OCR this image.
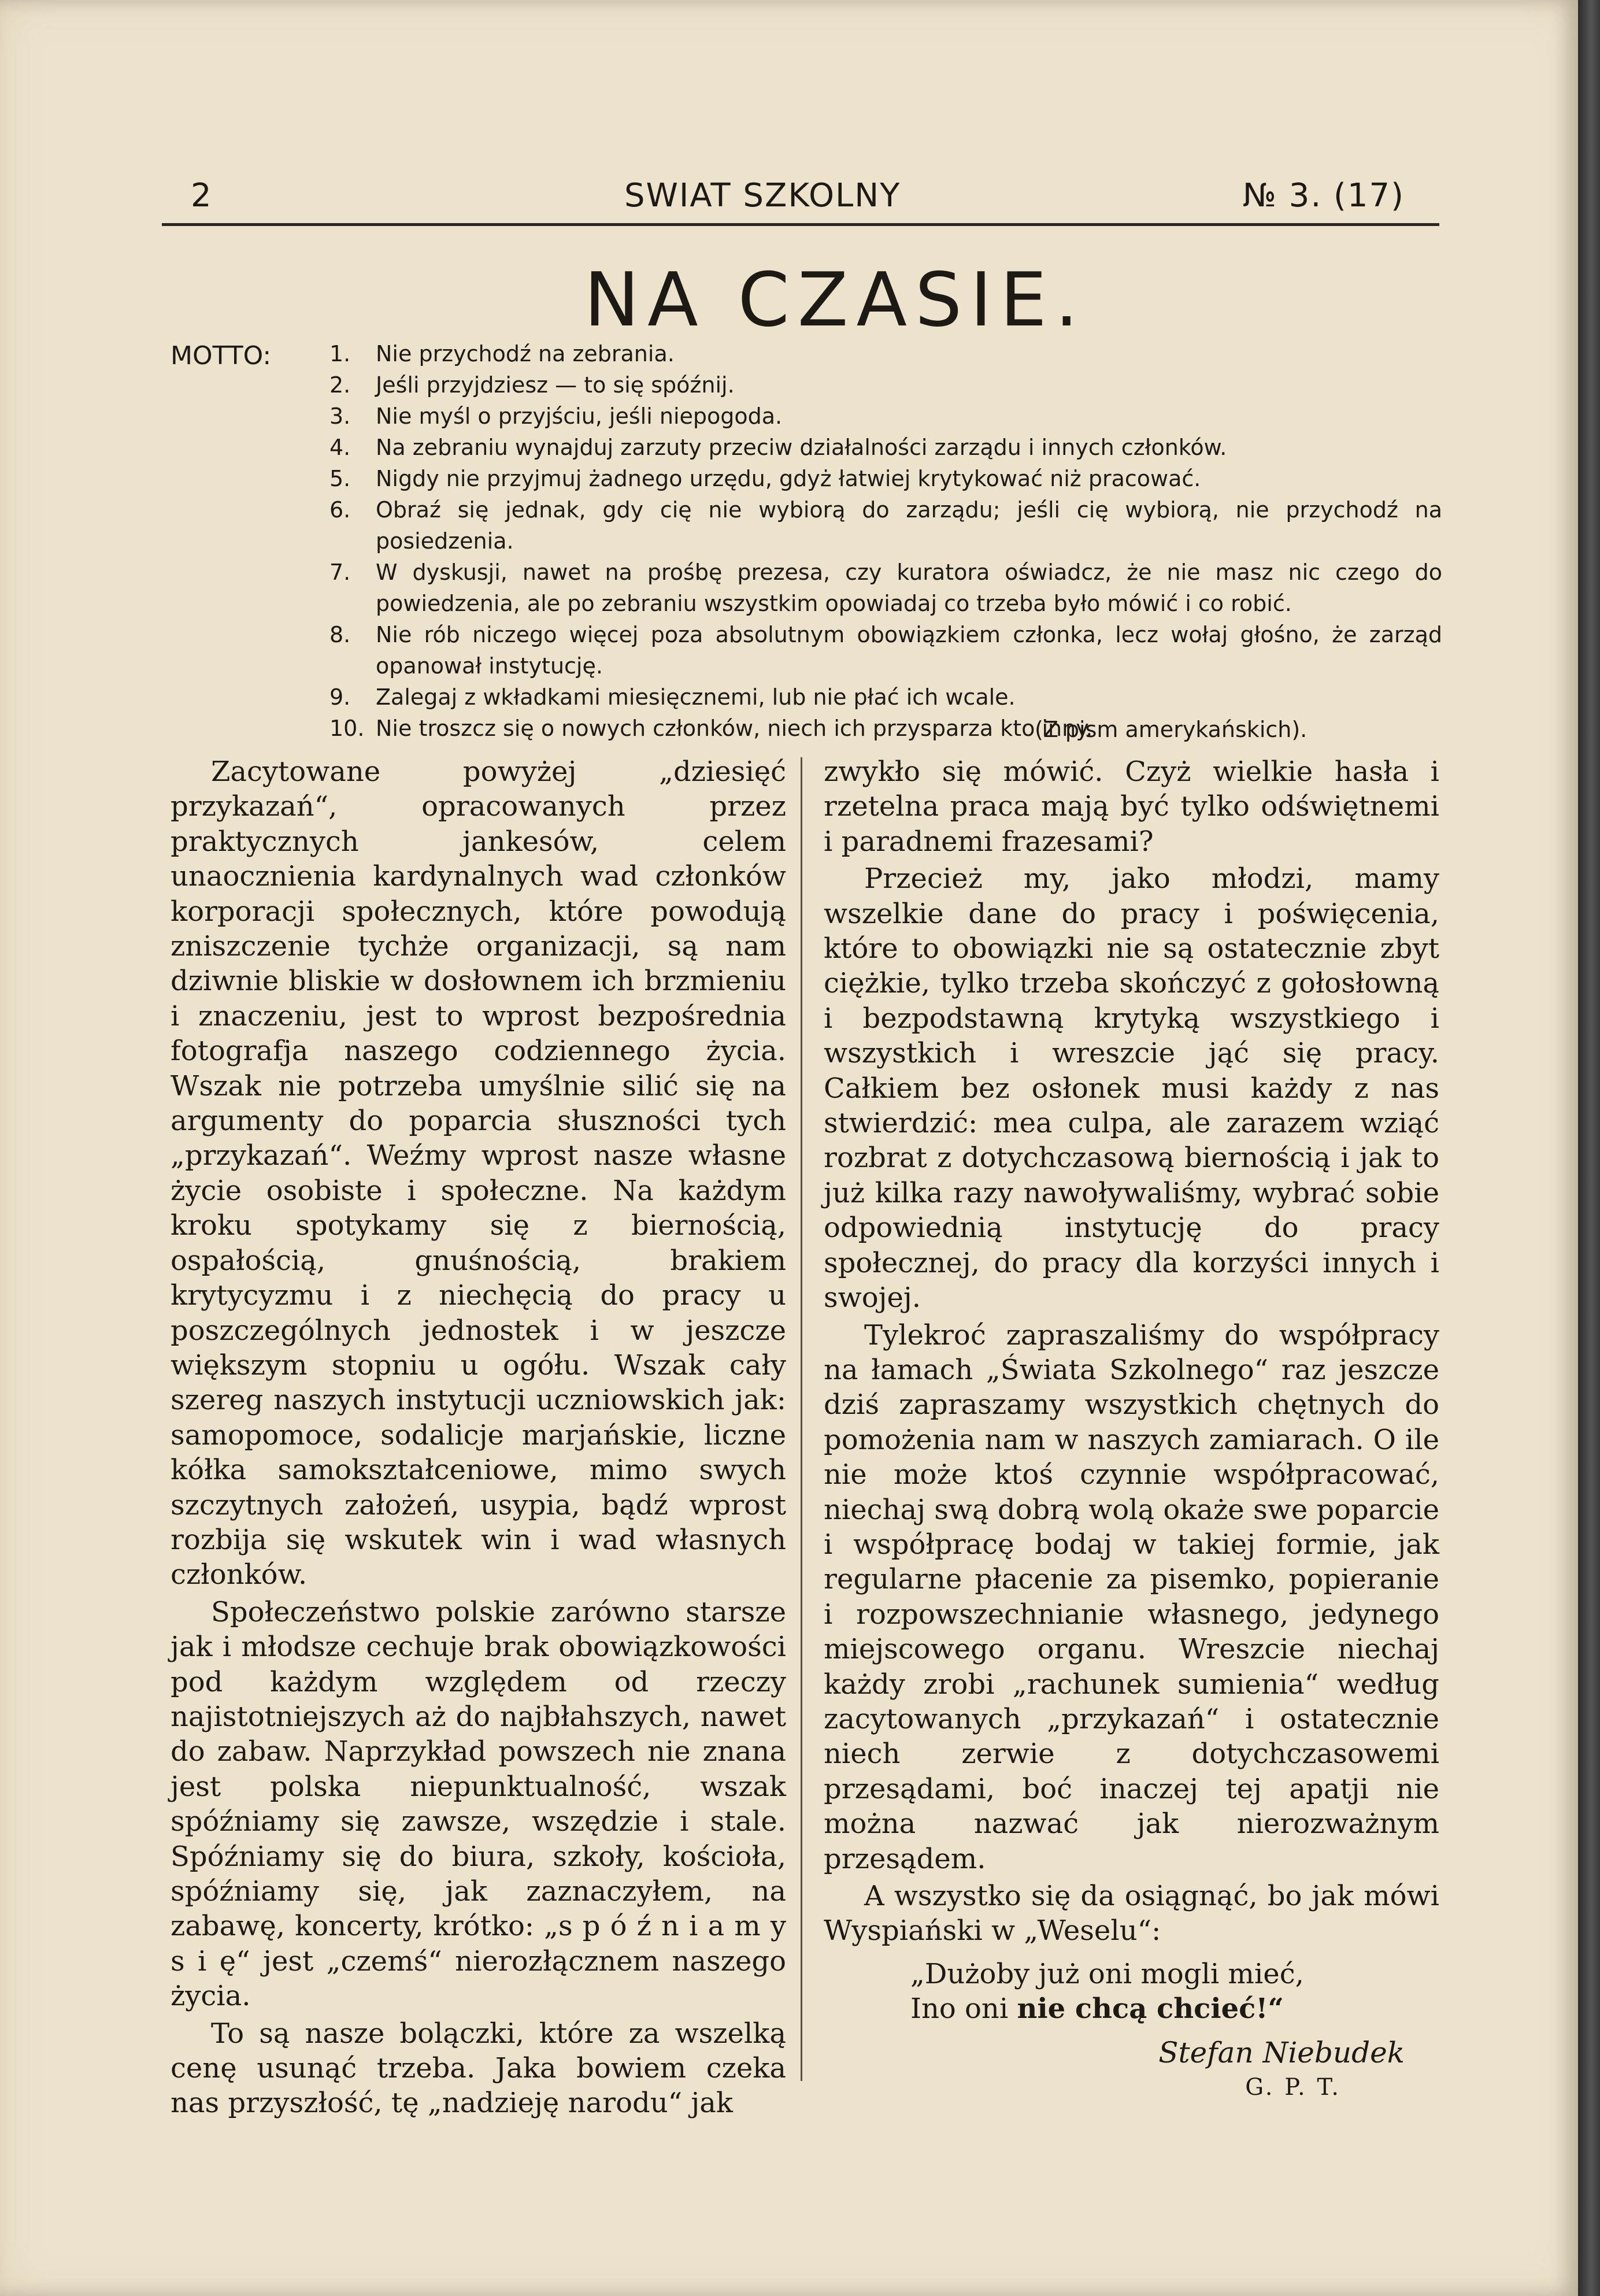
2	SWIAT SZKOLNY	№ 3. (17)
NA CZASIE.
MOTTO:	1.	Nie przychodź na zebrania.
2.	Jeśli przyjdziesz — to się spóźnij.
3.	Nie myśl o przyjściu, jeśli niepogoda.
4.	Na zebraniu wynajduj zarzuty przeciw działalności zarządu i innych członków.
5.	Nigdy nie przyjmuj żadnego urzędu, gdyż łatwiej krytykować niż pracować.
6.	Obraź się jednak, gdy cię nie wybiorą do zarządu; jeśli cię wybiorą, nie przychodź na posiedzenia.
7.	W dyskusji, nawet na prośbę prezesa, czy kuratora oświadcz, że nie masz nic czego do powiedzenia, ale po zebraniu wszystkim opowiadaj co trzeba było mówić i co robić.
8.	Nie rób niczego więcej poza absolutnym obowiązkiem członka, lecz wołaj głośno, że zarząd opanował instytucję.
9.	Zalegaj z wkładkami miesięcznemi, lub nie płać ich wcale.
10. Nie troszcz się o nowych członków, niech ich przysparza kto inny.
(Z pism amerykańskich).

Zacytowane powyżej „dziesięć przykazań“, opracowanych przez praktycznych jankesów, celem unaocznienia kardynalnych wad członków korporacji społecznych, które powodują zniszczenie tychże organizacji, są nam dziwnie bliskie w dosłownem ich brzmieniu i znaczeniu, jest to wprost bezpośrednia fotografja naszego codziennego życia. Wszak nie potrzeba umyślnie silić się na argumenty do poparcia słuszności tych „przykazań“. Weźmy wprost nasze własne życie osobiste i społeczne. Na każdym kroku spotykamy się z biernością, ospałością, gnuśnością, brakiem krytycyzmu i z niechęcią do pracy u poszczególnych jednostek i w jeszcze większym stopniu u ogółu. Wszak cały szereg naszych instytucji uczniowskich jak: samopomoce, sodalicje marjańskie, liczne kółka samokształceniowe, mimo swych szczytnych założeń, usypia, bądź wprost rozbija się wskutek win i wad własnych członków.

Społeczeństwo polskie zarówno starsze jak i młodsze cechuje brak obowiązkowości pod każdym względem od rzeczy najistotniejszych aż do najbłahszych, nawet do zabaw. Naprzykład powszech nie znana jest polska niepunktualność, wszak spóźniamy się zawsze, wszędzie i stale. Spóźniamy się do biura, szkoły, kościoła, spóźniamy się, jak zaznaczyłem, na zabawę, koncerty, krótko: „s p ó ź n i a m y s i ę“ jest „czemś“ nierozłącznem naszego życia.

To są nasze bolączki, które za wszelką cenę usunąć trzeba. Jaka bowiem czeka nas przyszłość, tę „nadzieję narodu“ jak

zwykło się mówić. Czyż wielkie hasła i rzetelna praca mają być tylko odświętnemi i paradnemi frazesami?

Przecież my, jako młodzi, mamy wszelkie dane do pracy i poświęcenia, które to obowiązki nie są ostatecznie zbyt ciężkie, tylko trzeba skończyć z gołosłowną i bezpodstawną krytyką wszystkiego i wszystkich i wreszcie jąć się pracy. Całkiem bez osłonek musi każdy z nas stwierdzić: mea culpa, ale zarazem wziąć rozbrat z dotychczasową biernością i jak to już kilka razy nawoływaliśmy, wybrać sobie odpowiednią instytucję do pracy społecznej, do pracy dla korzyści innych i swojej.

Tylekroć zapraszaliśmy do współpracy na łamach „Świata Szkolnego“ raz jeszcze dziś zapraszamy wszystkich chętnych do pomożenia nam w naszych zamiarach. O ile nie może ktoś czynnie współpracować, niechaj swą dobrą wolą okaże swe poparcie i współpracę bodaj w takiej formie, jak regularne płacenie za pisemko, popieranie i rozpowszechnianie własnego, jedynego miejscowego organu. Wreszcie niechaj każdy zrobi „rachunek sumienia“ według zacytowanych „przykazań“ i ostatecznie niech zerwie z dotychczasowemi przesądami, boć inaczej tej apatji nie można nazwać jak nierozważnym przesądem.

A wszystko się da osiągnąć, bo jak mówi Wyspiański w „Weselu“:

„Dużoby już oni mogli mieć,
Ino oni nie chcą chcieć!“
Stefan Niebudek
G. P. T.
